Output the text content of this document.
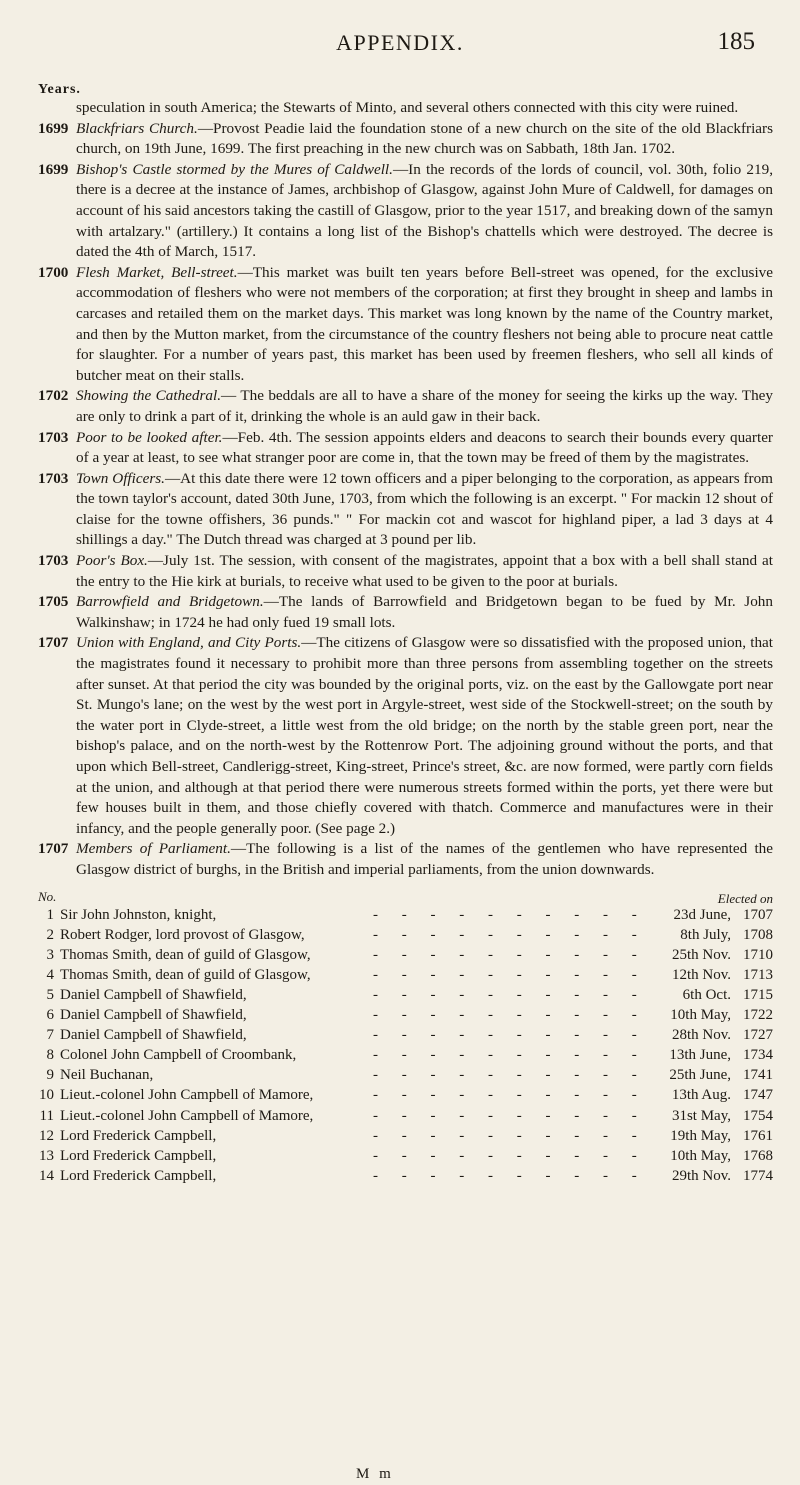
APPENDIX.	185
Years.
speculation in south America; the Stewarts of Minto, and several others connected with this city were ruined.
1699 Blackfriars Church.—Provost Peadie laid the foundation stone of a new church on the site of the old Blackfriars church, on 19th June, 1699. The first preaching in the new church was on Sabbath, 18th Jan. 1702.
1699 Bishop's Castle stormed by the Mures of Caldwell.—In the records of the lords of council, vol. 30th, folio 219, there is a decree at the instance of James, archbishop of Glasgow, against John Mure of Caldwell, for damages on account of his said ancestors taking the castill of Glasgow, prior to the year 1517, and breaking down of the samyn with artalzary." (artillery.) It contains a long list of the Bishop's chattells which were destroyed. The decree is dated the 4th of March, 1517.
1700 Flesh Market, Bell-street.—This market was built ten years before Bell-street was opened, for the exclusive accommodation of fleshers who were not members of the corporation; at first they brought in sheep and lambs in carcases and retailed them on the market days. This market was long known by the name of the Country market, and then by the Mutton market, from the circumstance of the country fleshers not being able to procure neat cattle for slaughter. For a number of years past, this market has been used by freemen fleshers, who sell all kinds of butcher meat on their stalls.
1702 Showing the Cathedral.— The beddals are all to have a share of the money for seeing the kirks up the way. They are only to drink a part of it, drinking the whole is an auld gaw in their back.
1703 Poor to be looked after.—Feb. 4th. The session appoints elders and deacons to search their bounds every quarter of a year at least, to see what stranger poor are come in, that the town may be freed of them by the magistrates.
1703 Town Officers.—At this date there were 12 town officers and a piper belonging to the corporation, as appears from the town taylor's account, dated 30th June, 1703, from which the following is an excerpt. " For mackin 12 shout of claise for the towne offishers, 36 punds." " For mackin cot and wascot for highland piper, a lad 3 days at 4 shillings a day." The Dutch thread was charged at 3 pound per lib.
1703 Poor's Box.—July 1st. The session, with consent of the magistrates, appoint that a box with a bell shall stand at the entry to the Hie kirk at burials, to receive what used to be given to the poor at burials.
1705 Barrowfield and Bridgetown.—The lands of Barrowfield and Bridgetown began to be fued by Mr. John Walkinshaw; in 1724 he had only fued 19 small lots.
1707 Union with England, and City Ports.—The citizens of Glasgow were so dissatisfied with the proposed union, that the magistrates found it necessary to prohibit more than three persons from assembling together on the streets after sunset. At that period the city was bounded by the original ports, viz. on the east by the Gallowgate port near St. Mungo's lane; on the west by the west port in Argyle-street, west side of the Stockwell-street; on the south by the water port in Clyde-street, a little west from the old bridge; on the north by the stable green port, near the bishop's palace, and on the north-west by the Rottenrow Port. The adjoining ground without the ports, and that upon which Bell-street, Candlerigg-street, King-street, Prince's street, &c. are now formed, were partly corn fields at the union, and although at that period there were numerous streets formed within the ports, yet there were but few houses built in them, and those chiefly covered with thatch. Commerce and manufactures were in their infancy, and the people generally poor. (See page 2.)
1707 Members of Parliament.—The following is a list of the names of the gentlemen who have represented the Glasgow district of burghs, in the British and imperial parliaments, from the union downwards.
No.	Elected on
1 Sir John Johnston, knight,	- - - - - - - - - -	23d June, 1707
2 Robert Rodger, lord provost of Glasgow,	- - - - - - - - - -	8th July, 1708
3 Thomas Smith, dean of guild of Glasgow,	- - - - - - - - - -	25th Nov. 1710
4 Thomas Smith, dean of guild of Glasgow,	- - - - - - - - - -	12th Nov. 1713
5 Daniel Campbell of Shawfield,	- - - - - - - - - -	6th Oct. 1715
6 Daniel Campbell of Shawfield,	- - - - - - - - - -	10th May, 1722
7 Daniel Campbell of Shawfield,	- - - - - - - - - -	28th Nov. 1727
8 Colonel John Campbell of Croombank,	- - - - - - - - - -	13th June, 1734
9 Neil Buchanan,	- - - - - - - - - -	25th June, 1741
10 Lieut.-colonel John Campbell of Mamore,	- - - - - - - - - -	13th Aug. 1747
11 Lieut.-colonel John Campbell of Mamore,	- - - - - - - - - -	31st May, 1754
12 Lord Frederick Campbell,	- - - - - - - - - -	19th May, 1761
13 Lord Frederick Campbell,	- - - - - - - - - -	10th May, 1768
14 Lord Frederick Campbell,	- - - - - - - - - -	29th Nov. 1774
M m
